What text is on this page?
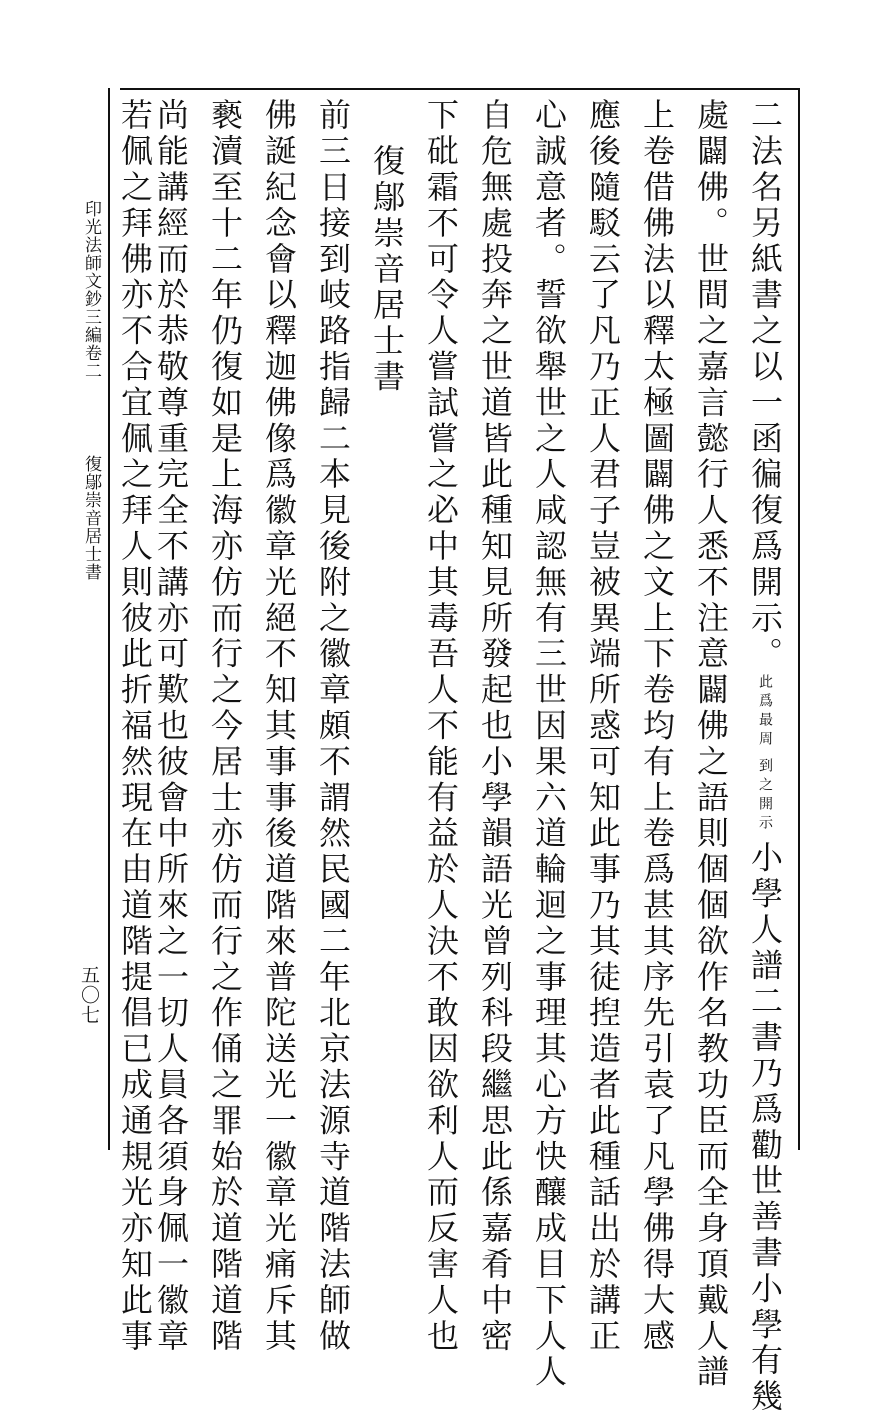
印光法師文鈔三編卷二
復鄔崇音居士書
五〇七
二法名另紙書之以一函徧復爲開示。此爲最周到之開示小學人譜二書乃爲勸世善書小學有幾
處闢佛。世間之嘉言懿行人悉不注意闢佛之語則個個欲作名教功臣而全身頂戴人譜
上卷借佛法以釋太極圖闢佛之文上下卷均有上卷爲甚其序先引袁了凡學佛得大感
應後隨駁云了凡乃正人君子豈被異端所惑可知此事乃其徒揑造者此種話出於講正
心誠意者。誓欲舉世之人咸認無有三世因果六道輪迴之事理其心方快釀成目下人人
自危無處投奔之世道皆此種知見所發起也小學韻語光曾列科段繼思此係嘉肴中密
下砒霜不可令人嘗試嘗之必中其毒吾人不能有益於人決不敢因欲利人而反害人也
復鄔崇音居士書
前三日接到岐路指歸二本見後附之徽章頗不謂然民國二年北京法源寺道階法師做
佛誕紀念會以釋迦佛像爲徽章光絕不知其事事後道階來普陀送光一徽章光痛斥其
褻瀆至十二年仍復如是上海亦仿而行之今居士亦仿而行之作俑之罪始於道階道階
尚能講經而於恭敬尊重完全不講亦可歎也彼會中所來之一切人員各須身佩一徽章
若佩之拜佛亦不合宜佩之拜人則彼此折福然現在由道階提倡已成通規光亦知此事
